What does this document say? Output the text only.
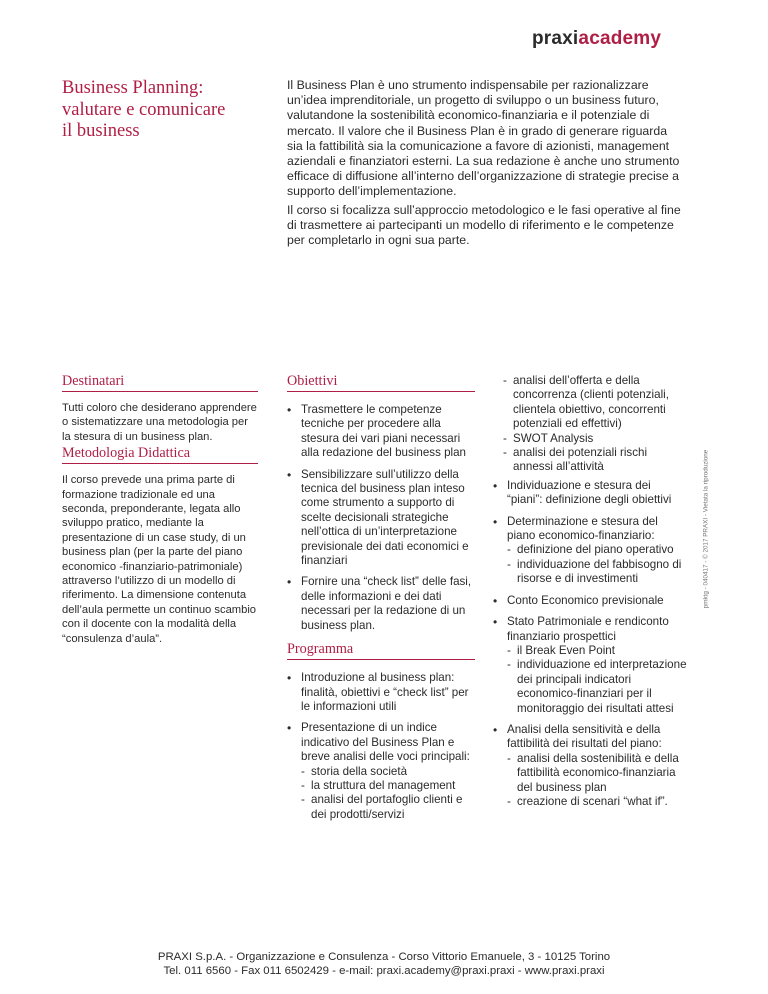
praxiacademy
Business Planning: valutare e comunicare il business

Il Business Plan è uno strumento indispensabile per razionalizzare un’idea imprenditoriale, un progetto di sviluppo o un business futuro, valutandone la sostenibilità economico-finanziaria e il potenziale di mercato. Il valore che il Business Plan è in grado di generare riguarda sia la fattibilità sia la comunicazione a favore di azionisti, management aziendali e finanziatori esterni. La sua redazione è anche uno strumento efficace di diffusione all’interno dell’organizzazione di strategie precise a supporto dell’implementazione.

Il corso si focalizza sull’approccio metodologico e le fasi operative al fine di trasmettere ai partecipanti un modello di riferimento e le competenze per completarlo in ogni sua parte.

Destinatari

Tutti coloro che desiderano apprendere o sistematizzare una metodologia per la stesura di un business plan.

Metodologia Didattica

Il corso prevede una prima parte di formazione tradizionale ed una seconda, preponderante, legata allo sviluppo pratico, mediante la presentazione di un case study, di un business plan (per la parte del piano economico -finanziario-patrimoniale) attraverso l’utilizzo di un modello di riferimento. La dimensione contenuta dell’aula permette un continuo scambio con il docente con la modalità della “consulenza d’aula”.

Obiettivi
• Trasmettere le competenze tecniche per procedere alla stesura dei vari piani necessari alla redazione del business plan
• Sensibilizzare sull’utilizzo della tecnica del business plan inteso come strumento a supporto di scelte decisionali strategiche nell’ottica di un’interpretazione previsionale dei dati economici e finanziari
• Fornire una “check list” delle fasi, delle informazioni e dei dati necessari per la redazione di un business plan.
Programma
• Introduzione al business plan: finalità, obiettivi e “check list” per le informazioni utili
• Presentazione di un indice indicativo del Business Plan e breve analisi delle voci principali:
- storia della società
- la struttura del management
- analisi del portafoglio clienti e dei prodotti/servizi
- analisi dell’offerta e della concorrenza (clienti potenziali, clientela obiettivo, concorrenti potenziali ed effettivi)
- SWOT Analysis
- analisi dei potenziali rischi annessi all’attività
• Individuazione e stesura dei “piani”: definizione degli obiettivi
• Determinazione e stesura del piano economico-finanziario:
- definizione del piano operativo
- individuazione del fabbisogno di risorse e di investimenti
• Conto Economico previsionale
• Stato Patrimoniale e rendiconto finanziario prospettici
- il Break Even Point
- individuazione ed interpretazione dei principali indicatori economico-finanziari per il monitoraggio dei risultati attesi
• Analisi della sensitività e della fattibilità dei risultati del piano:
- analisi della sostenibilità e della fattibilità economico-finanziaria del business plan
- creazione di scenari “what if”.
pmktg - 040417 - © 2017 PRAXI - Vietata la riproduzione
PRAXI S.p.A. - Organizzazione e Consulenza - Corso Vittorio Emanuele, 3 - 10125 Torino
Tel. 011 6560 - Fax 011 6502429 - e-mail: praxi.academy@praxi.praxi - www.praxi.praxi
